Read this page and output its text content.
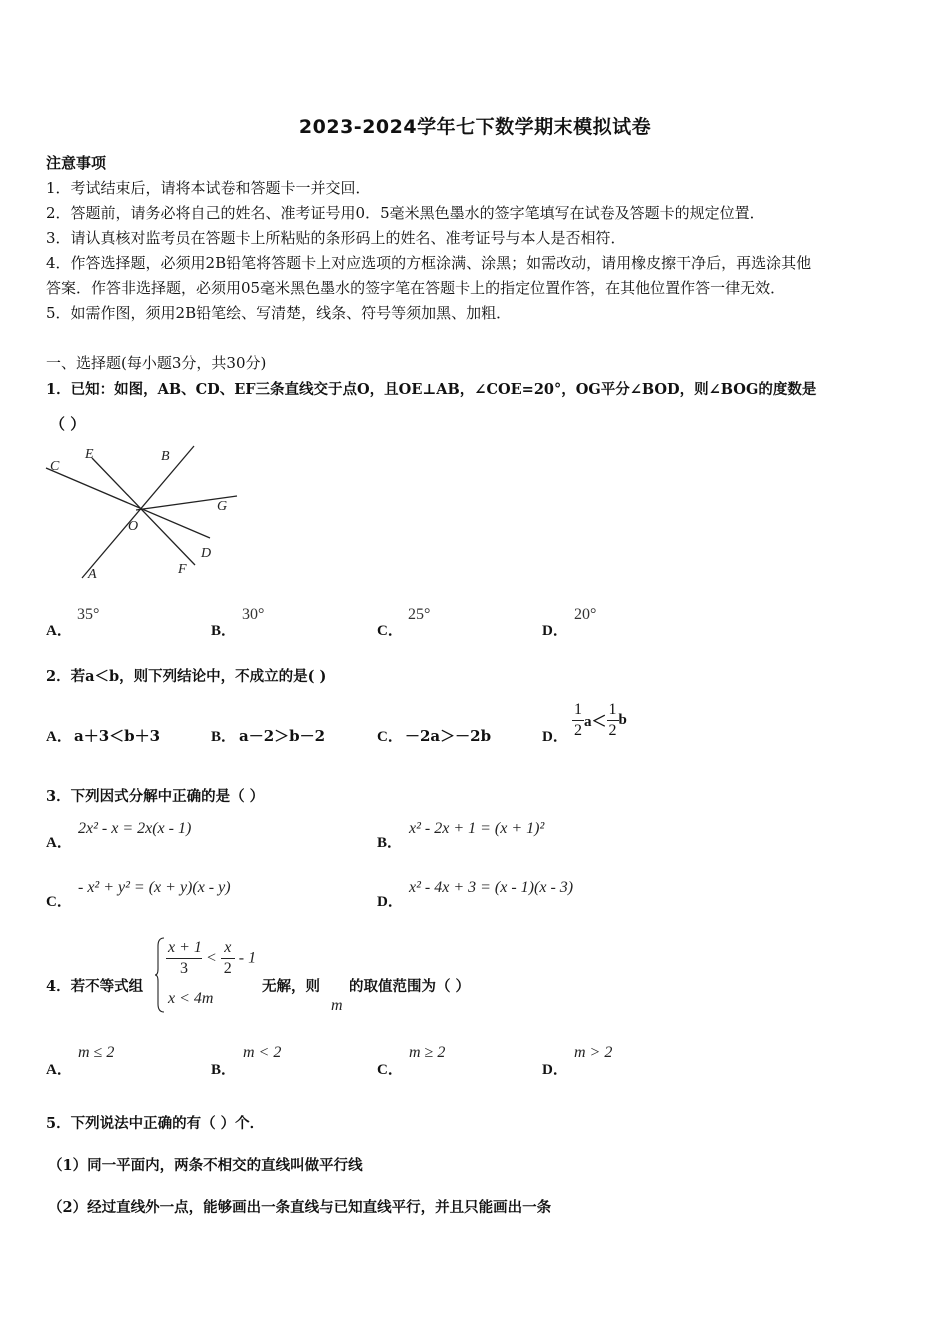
2023-2024学年七下数学期末模拟试卷
注意事项
1．考试结束后，请将本试卷和答题卡一并交回．
2．答题前，请务必将自己的姓名、准考证号用0．5毫米黑色墨水的签字笔填写在试卷及答题卡的规定位置．
3．请认真核对监考员在答题卡上所粘贴的条形码上的姓名、准考证号与本人是否相符．
4．作答选择题，必须用2B铅笔将答题卡上对应选项的方框涂满、涂黑；如需改动，请用橡皮擦干净后，再选涂其他
答案．作答非选择题，必须用05毫米黑色墨水的签字笔在答题卡上的指定位置作答，在其他位置作答一律无效．
5．如需作图，须用2B铅笔绘、写清楚，线条、符号等须加黑、加粗．
一、选择题(每小题3分，共30分)
1．已知：如图，AB、CD、EF三条直线交于点O，且OE⊥AB，∠COE=20°，OG平分∠BOD，则∠BOG的度数是
（ ）
C
E	B
G
O
D
F
A
A．
35°
B．
30°
C．
25°
D．
20°
2．若a＜b，则下列结论中，不成立的是( )
A． a＋3＜b＋3	B． a－2＞b－2	C． －2a＞－2b	D． $\frac{1}{2} a< \frac{1}{2}$ b
3．下列因式分解中正确的是（ ）
A．
2x² - x = 2x(x - 1)
B．
x² - 2x + 1 = (x + 1)²
C．
- x² + y² = (x + y)(x - y)
D．
x² - 4x + 3 = (x - 1)(x - 3)
4．若不等式组
$\frac{x + 1}{3} < \frac{x}{2} - 1$
x < 4m
无解，则
m
的取值范围为（ ）
A．
m ≤ 2
B．
m < 2
C．
m ≥ 2
D．
m > 2
5．下列说法中正确的有（ ）个．
（1）同一平面内，两条不相交的直线叫做平行线
（2）经过直线外一点，能够画出一条直线与已知直线平行，并且只能画出一条
